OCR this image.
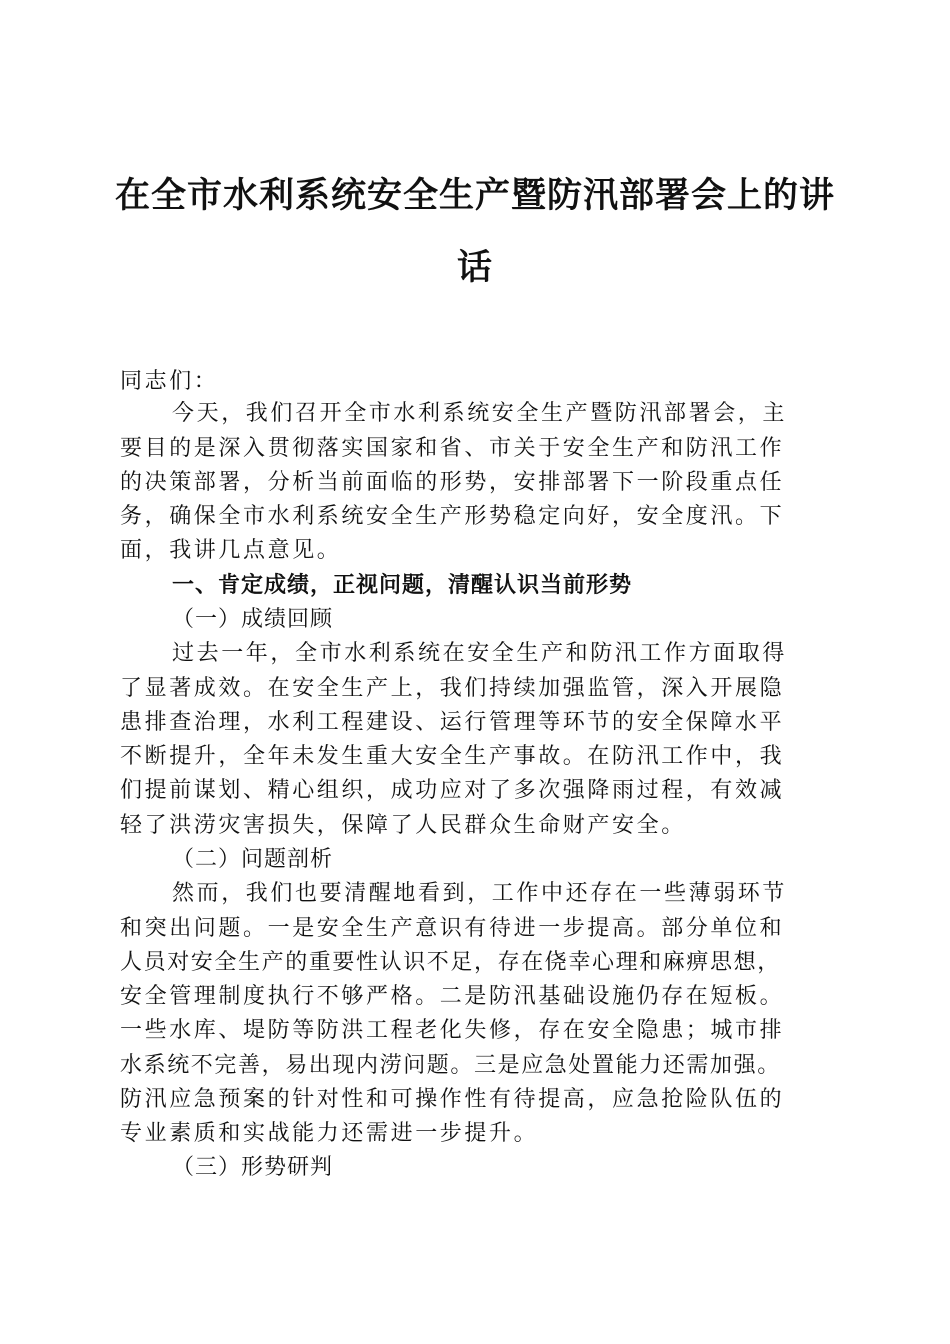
在全市水利系统安全生产暨防汛部署会上的讲
话

同志们：

今天，我们召开全市水利系统安全生产暨防汛部署会，主

要目的是深入贯彻落实国家和省、市关于安全生产和防汛工作

的决策部署，分析当前面临的形势，安排部署下一阶段重点任

务，确保全市水利系统安全生产形势稳定向好，安全度汛。下

面，我讲几点意见。

一、肯定成绩，正视问题，清醒认识当前形势

（一）成绩回顾

过去一年，全市水利系统在安全生产和防汛工作方面取得

了显著成效。在安全生产上，我们持续加强监管，深入开展隐

患排查治理，水利工程建设、运行管理等环节的安全保障水平

不断提升，全年未发生重大安全生产事故。在防汛工作中，我

们提前谋划、精心组织，成功应对了多次强降雨过程，有效减

轻了洪涝灾害损失，保障了人民群众生命财产安全。

（二）问题剖析

然而，我们也要清醒地看到，工作中还存在一些薄弱环节

和突出问题。一是安全生产意识有待进一步提高。部分单位和

人员对安全生产的重要性认识不足，存在侥幸心理和麻痹思想，

安全管理制度执行不够严格。二是防汛基础设施仍存在短板。

一些水库、堤防等防洪工程老化失修，存在安全隐患；城市排

水系统不完善，易出现内涝问题。三是应急处置能力还需加强。

防汛应急预案的针对性和可操作性有待提高，应急抢险队伍的

专业素质和实战能力还需进一步提升。

（三）形势研判
